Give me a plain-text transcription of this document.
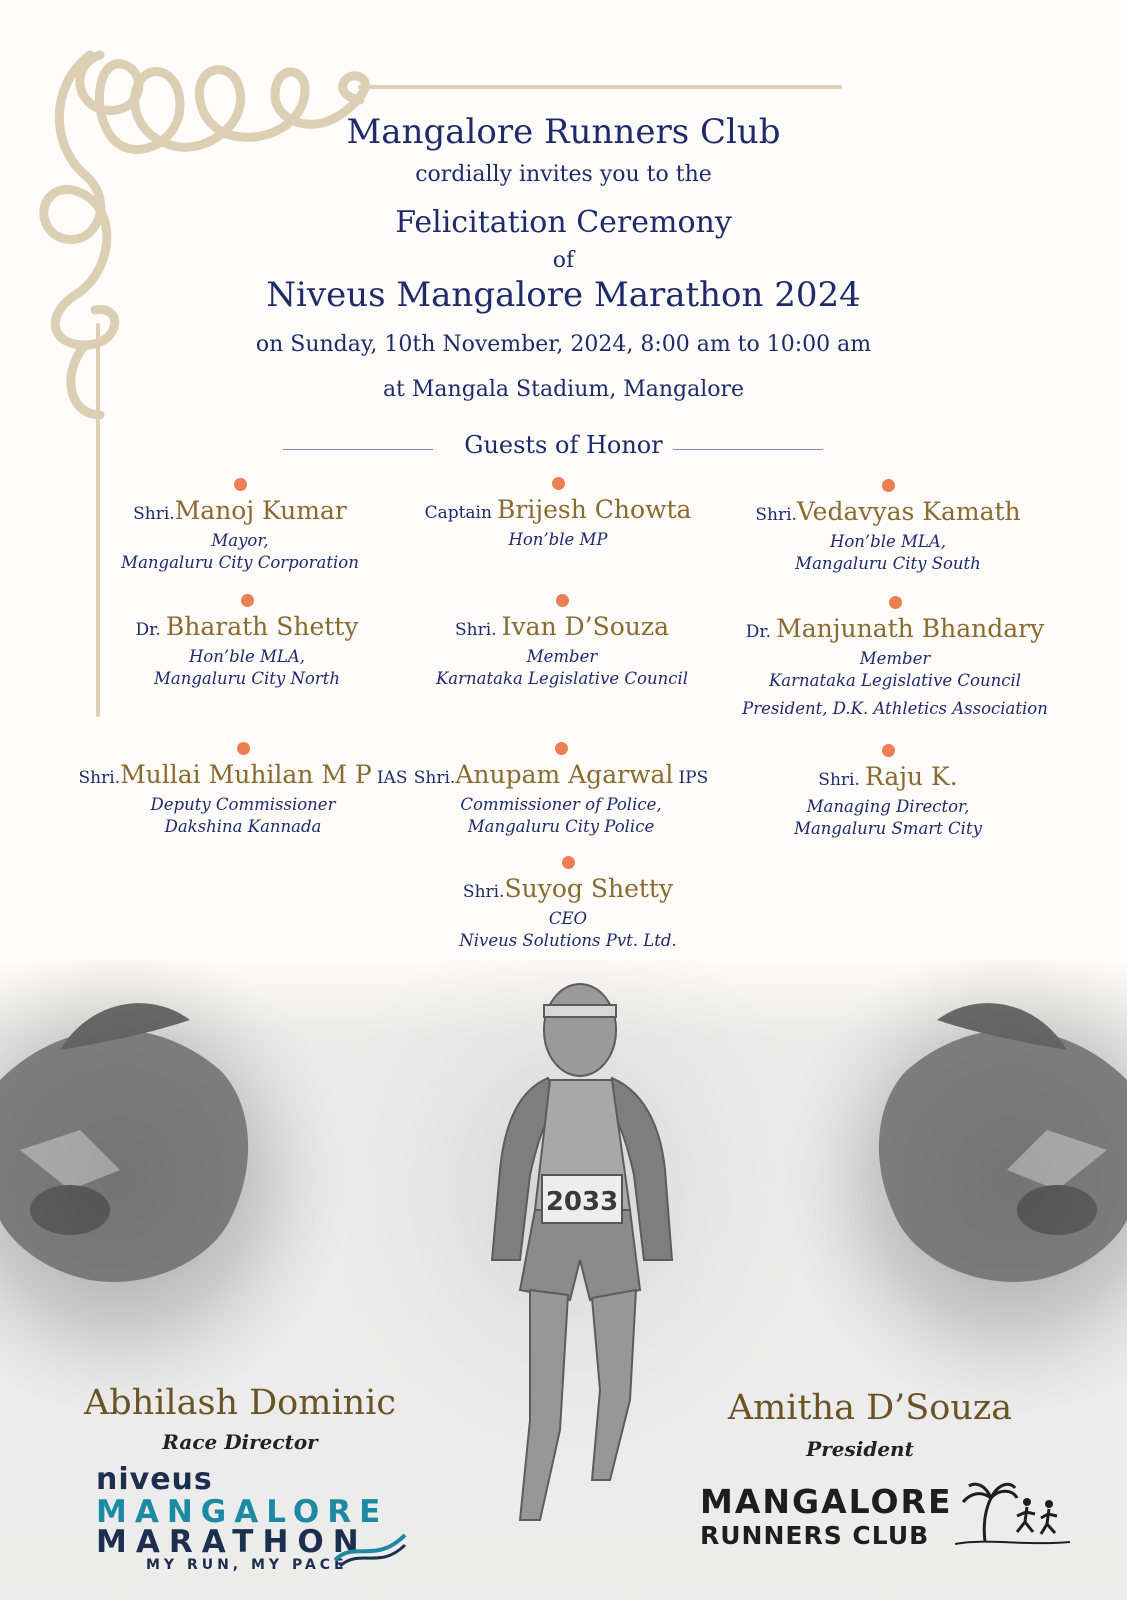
Mangalore Runners Club
cordially invites you to the
Felicitation Ceremony
of
Niveus Mangalore Marathon 2024
on Sunday, 10th November, 2024, 8:00 am to 10:00 am
at Mangala Stadium, Mangalore
Guests of Honor
Shri.Manoj Kumar
Mayor,
Mangaluru City Corporation
Captain Brijesh Chowta
Hon’ble MP
Shri.Vedavyas Kamath
Hon’ble MLA,
Mangaluru City South
Dr. Bharath Shetty
Hon’ble MLA,
Mangaluru City North
Shri. Ivan D’Souza
Member
Karnataka Legislative Council
Dr. Manjunath Bhandary
Member
Karnataka Legislative Council
President, D.K. Athletics Association
Shri.Mullai Muhilan M P IAS
Deputy Commissioner
Dakshina Kannada
Shri.Anupam Agarwal IPS
Commissioner of Police,
Mangaluru City Police
Shri. Raju K.
Managing Director,
Mangaluru Smart City
Shri.Suyog Shetty
CEO
Niveus Solutions Pvt. Ltd.
2033
Abhilash Dominic
Race Director
Amitha D’Souza
President
niveus
MANGALORE
MARATHON
MY RUN, MY PACE
MANGALORE
RUNNERS CLUB
